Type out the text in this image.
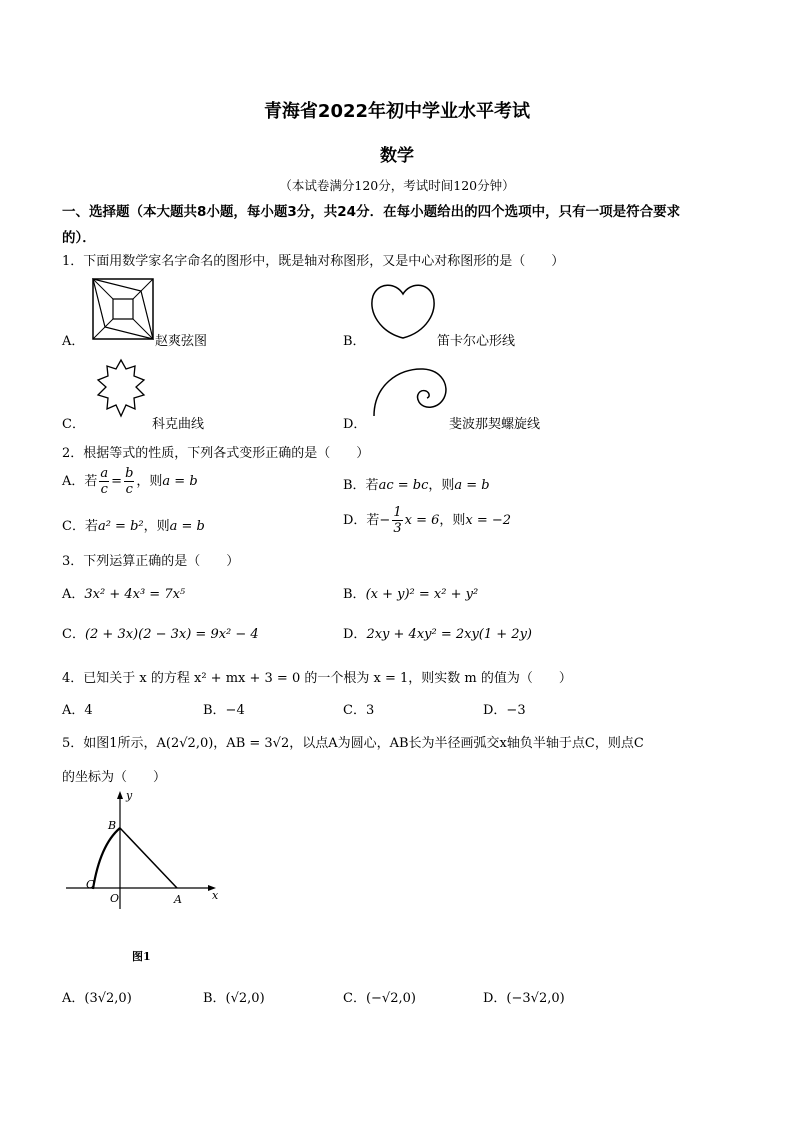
青海省2022年初中学业水平考试
数学
（本试卷满分120分，考试时间120分钟）
一、选择题（本大题共8小题，每小题3分，共24分．在每小题给出的四个选项中，只有一项是符合要求
的）．
1．下面用数学家名字命名的图形中，既是轴对称图形，又是中心对称图形的是（　　）
A．	赵爽弦图	B．	笛卡尔心形线
C．	科克曲线	D．	斐波那契螺旋线
2．根据等式的性质，下列各式变形正确的是（　　）
A．若 $\frac{a}{c} = \frac{b}{c}$ ，则a = b	B．若ac = bc，则a = b
C．若a² = b²，则a = b	D．若− $\frac{1}{3}$ x = 6，则x = −2
3．下列运算正确的是（　　）
A．3x² + 4x³ = 7x⁵	B．(x + y)² = x² + y²
C．(2 + 3x)(2 − 3x) = 9x² − 4	D．2xy + 4xy² = 2xy(1 + 2y)
4．已知关于 x 的方程 x² + mx + 3 = 0 的一个根为 x = 1，则实数 m 的值为（　　）
A．4	B．−4	C．3	D．−3
5．如图1所示，A(2√2,0)，AB = 3√2，以点A为圆心，AB长为半径画弧交x轴负半轴于点C，则点C
的坐标为（　　）
y
x
B
C
O	A
图1
A．(3√2,0)	B．(√2,0)	C．(−√2,0)	D．(−3√2,0)
